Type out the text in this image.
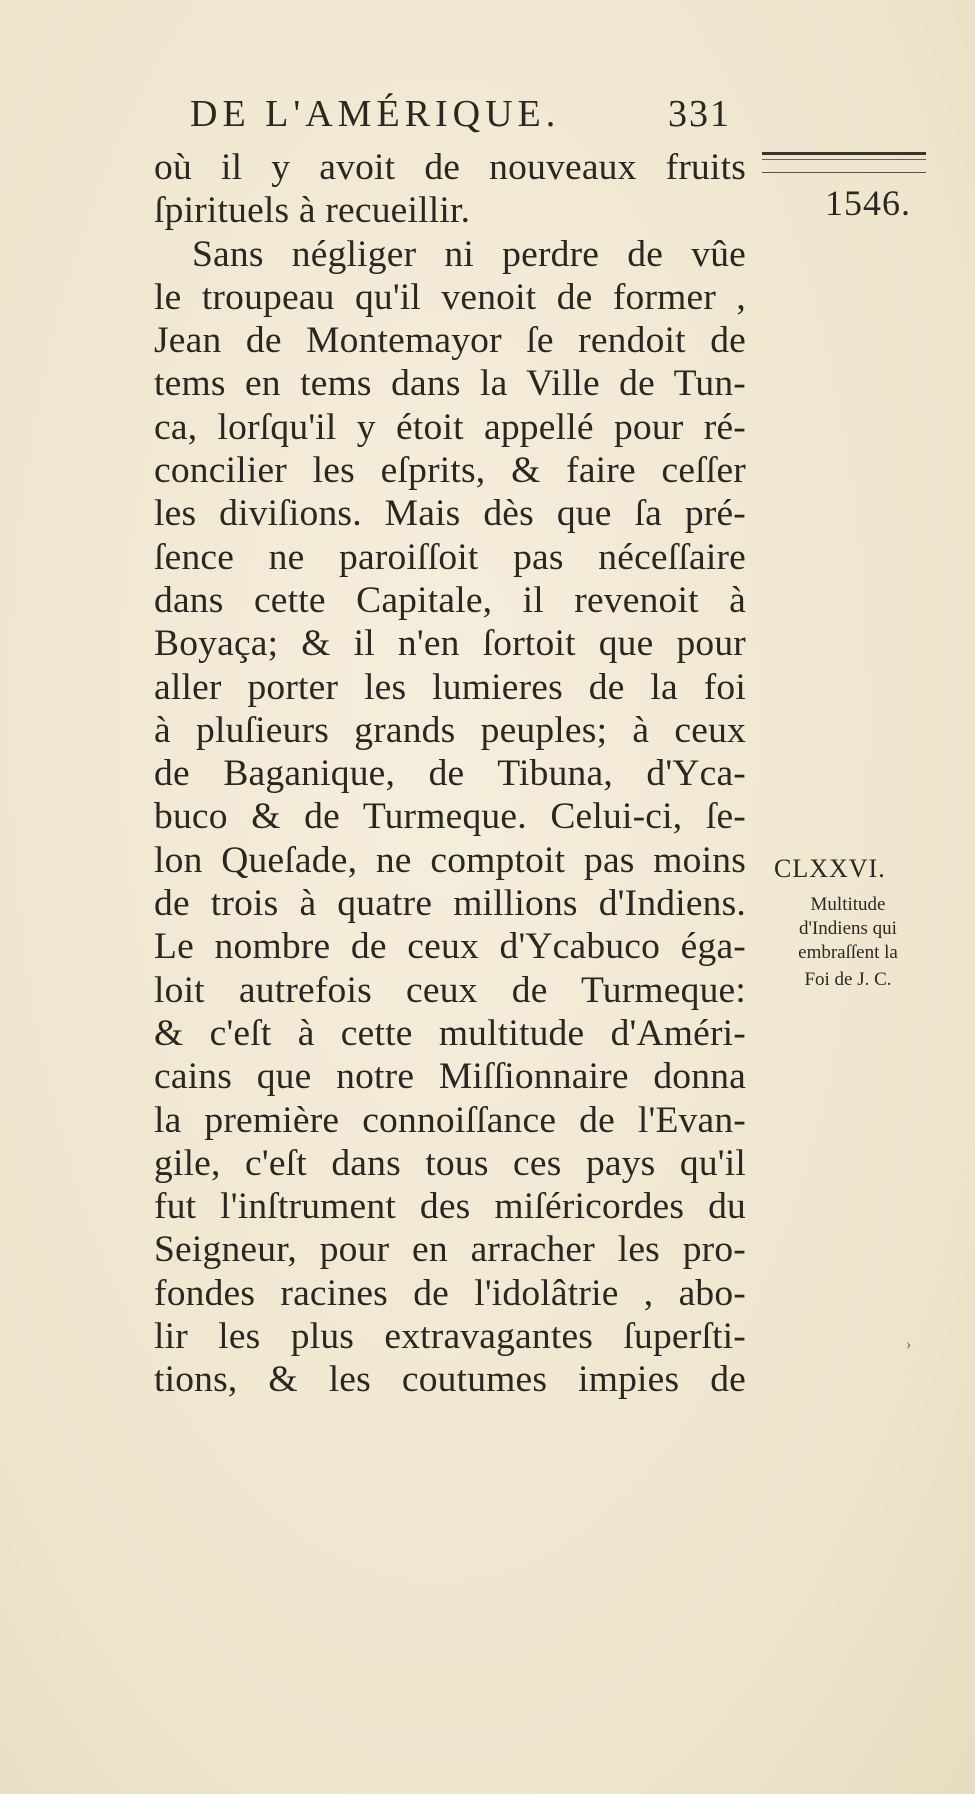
DE L'AMÉRIQUE.	331
1546.
où il y avoit de nouveaux fruits
ſpirituels à recueillir.
Sans négliger ni perdre de vûe
le troupeau qu'il venoit de former ,
Jean de Montemayor ſe rendoit de
tems en tems dans la Ville de Tun-
ca, lorſqu'il y étoit appellé pour ré-
concilier les eſprits, & faire ceſſer
les diviſions. Mais dès que ſa pré-
ſence ne paroiſſoit pas néceſſaire
dans cette Capitale, il revenoit à
Boyaça; & il n'en ſortoit que pour
aller porter les lumieres de la foi
à pluſieurs grands peuples; à ceux
de Baganique, de Tibuna, d'Yca-
buco & de Turmeque. Celui-ci, ſe-
lon Queſade, ne comptoit pas moins
de trois à quatre millions d'Indiens.
Le nombre de ceux d'Ycabuco éga-
loit autrefois ceux de Turmeque:
& c'eſt à cette multitude d'Améri-
cains que notre Miſſionnaire donna
la première connoiſſance de l'Evan-
gile, c'eſt dans tous ces pays qu'il
fut l'inſtrument des miſéricordes du
Seigneur, pour en arracher les pro-
fondes racines de l'idolâtrie , abo-
lir les plus extravagantes ſuperſti-
tions, & les coutumes impies de
CLXXVI.
Multitude
d'Indiens qui
embraſſent la
Foi de J. C.
›
